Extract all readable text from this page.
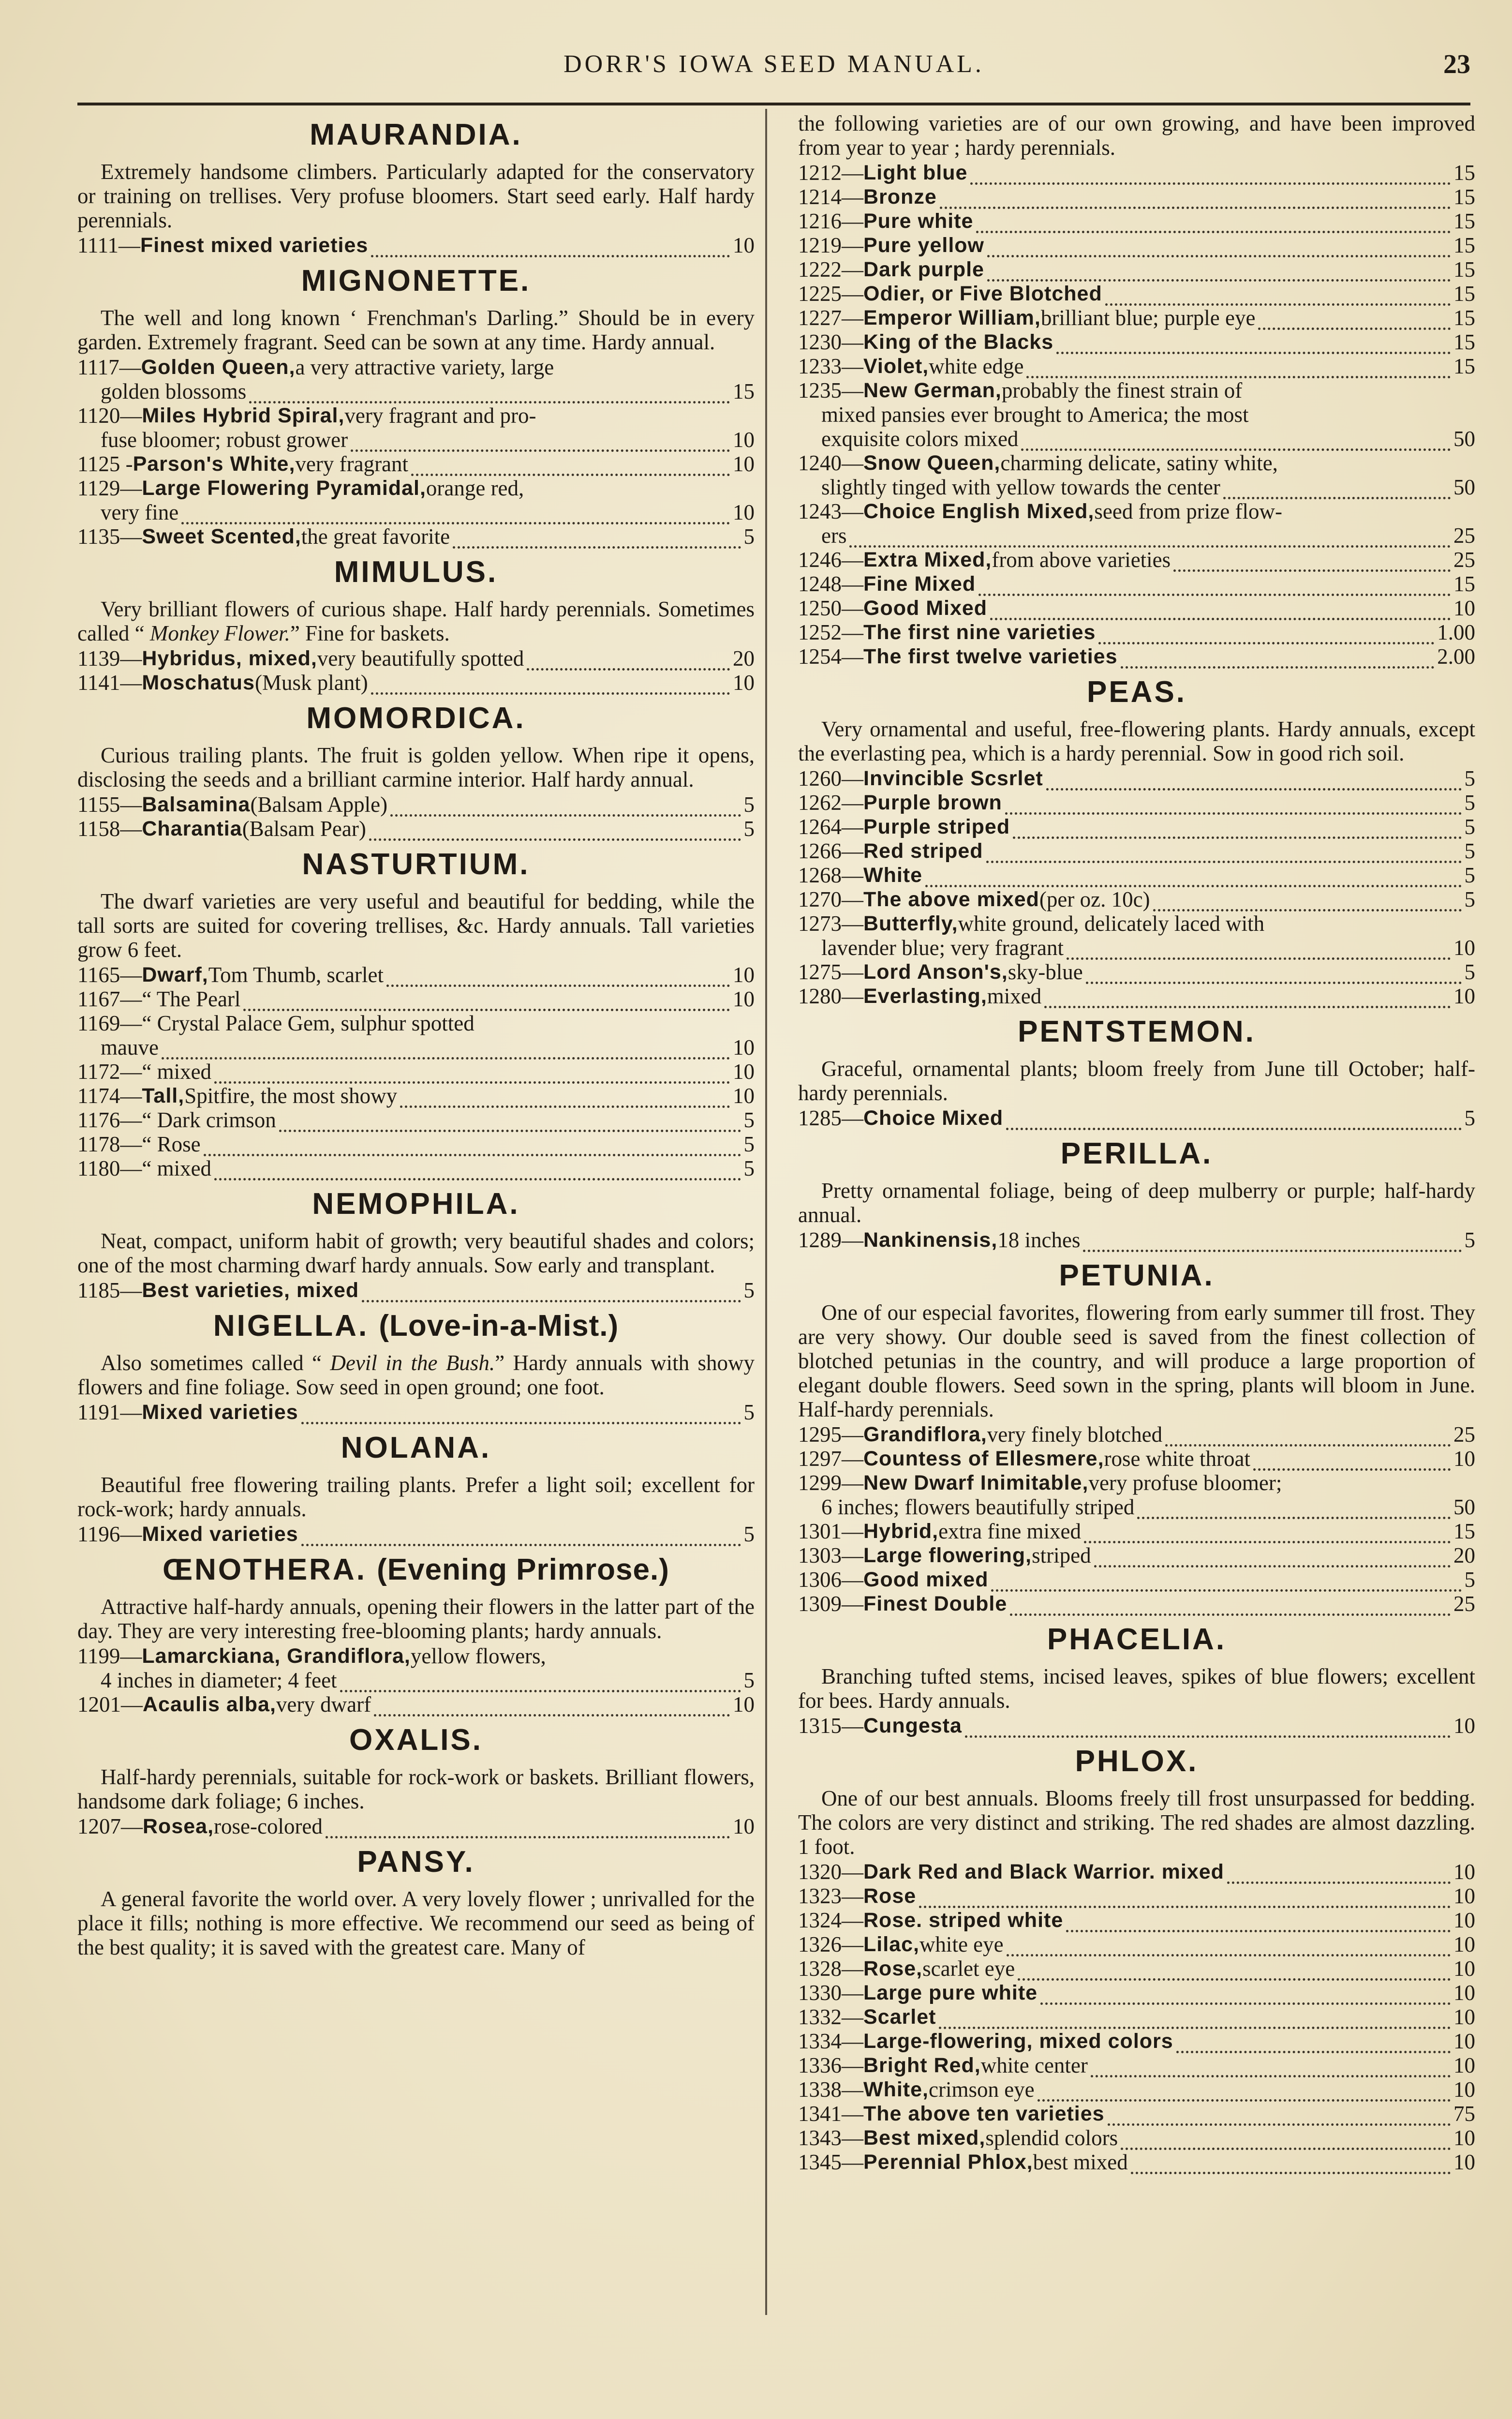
DORR'S IOWA SEED MANUAL.	23
MAURANDIA.
Extremely handsome climbers. Particularly adapted for the conservatory or training on trellises. Very profuse bloomers. Start seed early. Half hardy perennials.
1111— Finest mixed varieties	10
MIGNONETTE.
The well and long known ‘ Frenchman's Darling.” Should be in every garden. Extremely fragrant. Seed can be sown at any time. Hardy annual.
1117— Golden Queen, a very attractive variety, large
golden blossoms	15
1120— Miles Hybrid Spiral, very fragrant and pro-
fuse bloomer; robust grower	10
1125 - Parson's White, very fragrant	10
1129— Large Flowering Pyramidal, orange red,
very fine	10
1135— Sweet Scented, the great favorite	5
MIMULUS.
Very brilliant flowers of curious shape. Half hardy perennials. Sometimes called “ Monkey Flower.” Fine for baskets.
1139— Hybridus, mixed, very beautifully spotted	20
1141— Moschatus (Musk plant)	10
MOMORDICA.
Curious trailing plants. The fruit is golden yellow. When ripe it opens, disclosing the seeds and a brilliant carmine interior. Half hardy annual.
1155— Balsamina (Balsam Apple)	5
1158— Charantia (Balsam Pear)	5
NASTURTIUM.
The dwarf varieties are very useful and beautiful for bedding, while the tall sorts are suited for covering trellises, &c. Hardy annuals. Tall varieties grow 6 feet.
1165— Dwarf, Tom Thumb, scarlet	10
1167— “ The Pearl	10
1169— “ Crystal Palace Gem, sulphur spotted
mauve	10
1172— “ mixed	10
1174— Tall, Spitfire, the most showy	10
1176— “ Dark crimson	5
1178— “ Rose	5
1180— “ mixed	5
NEMOPHILA.
Neat, compact, uniform habit of growth; very beautiful shades and colors; one of the most charming dwarf hardy annuals. Sow early and transplant.
1185— Best varieties, mixed	5
NIGELLA. (Love-in-a-Mist.)
Also sometimes called “ Devil in the Bush.” Hardy annuals with showy flowers and fine foliage. Sow seed in open ground; one foot.
1191— Mixed varieties	5
NOLANA.
Beautiful free flowering trailing plants. Prefer a light soil; excellent for rock-work; hardy annuals.
1196— Mixed varieties	5
ŒNOTHERA. (Evening Primrose.)
Attractive half-hardy annuals, opening their flowers in the latter part of the day. They are very interesting free-blooming plants; hardy annuals.
1199— Lamarckiana, Grandiflora, yellow flowers,
4 inches in diameter; 4 feet	5
1201— Acaulis alba, very dwarf	10
OXALIS.
Half-hardy perennials, suitable for rock-work or baskets. Brilliant flowers, handsome dark foliage; 6 inches.
1207— Rosea, rose-colored	10
PANSY.
A general favorite the world over. A very lovely flower ; unrivalled for the place it fills; nothing is more effective. We recommend our seed as being of the best quality; it is saved with the greatest care. Many of
the following varieties are of our own growing, and have been improved from year to year ; hardy perennials.
1212— Light blue	15
1214— Bronze	15
1216— Pure white	15
1219— Pure yellow	15
1222— Dark purple	15
1225— Odier, or Five Blotched	15
1227— Emperor William, brilliant blue; purple eye	15
1230— King of the Blacks	15
1233— Violet, white edge	15
1235— New German, probably the finest strain of
mixed pansies ever brought to America; the most
exquisite colors mixed	50
1240— Snow Queen, charming delicate, satiny white,
slightly tinged with yellow towards the center	50
1243— Choice English Mixed, seed from prize flow-
ers	25
1246— Extra Mixed, from above varieties	25
1248— Fine Mixed	15
1250— Good Mixed	10
1252— The first nine varieties	1.00
1254— The first twelve varieties	2.00
PEAS.
Very ornamental and useful, free-flowering plants. Hardy annuals, except the everlasting pea, which is a hardy perennial. Sow in good rich soil.
1260— Invincible Scsrlet	5
1262— Purple brown	5
1264— Purple striped	5
1266— Red striped	5
1268— White	5
1270— The above mixed (per oz. 10c)	5
1273— Butterfly, white ground, delicately laced with
lavender blue; very fragrant	10
1275— Lord Anson's, sky-blue	5
1280— Everlasting, mixed	10
PENTSTEMON.
Graceful, ornamental plants; bloom freely from June till October; half-hardy perennials.
1285— Choice Mixed	5
PERILLA.
Pretty ornamental foliage, being of deep mulberry or purple; half-hardy annual.
1289— Nankinensis, 18 inches	5
PETUNIA.
One of our especial favorites, flowering from early summer till frost. They are very showy. Our double seed is saved from the finest collection of blotched petunias in the country, and will produce a large proportion of elegant double flowers. Seed sown in the spring, plants will bloom in June. Half-hardy perennials.
1295— Grandiflora, very finely blotched	25
1297— Countess of Ellesmere, rose white throat	10
1299— New Dwarf Inimitable, very profuse bloomer;
6 inches; flowers beautifully striped	50
1301— Hybrid, extra fine mixed	15
1303— Large flowering, striped	20
1306— Good mixed	5
1309— Finest Double	25
PHACELIA.
Branching tufted stems, incised leaves, spikes of blue flowers; excellent for bees. Hardy annuals.
1315— Cungesta	10
PHLOX.
One of our best annuals. Blooms freely till frost unsurpassed for bedding. The colors are very distinct and striking. The red shades are almost dazzling. 1 foot.
1320— Dark Red and Black Warrior. mixed	10
1323— Rose	10
1324— Rose. striped white	10
1326— Lilac, white eye	10
1328— Rose, scarlet eye	10
1330— Large pure white	10
1332— Scarlet	10
1334— Large-flowering, mixed colors	10
1336— Bright Red, white center	10
1338— White, crimson eye	10
1341— The above ten varieties	75
1343— Best mixed, splendid colors	10
1345— Perennial Phlox, best mixed	10
